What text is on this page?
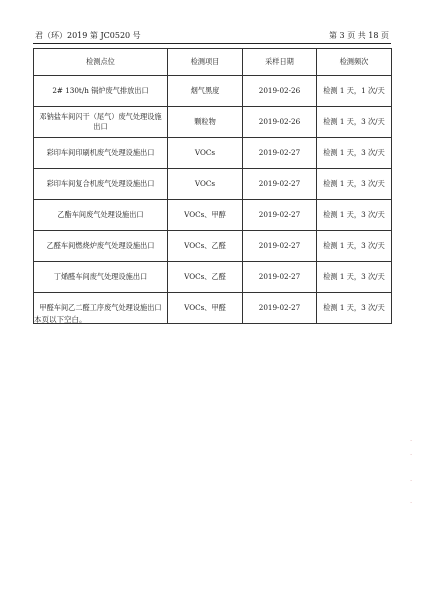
君（环）2019 第 JC0520 号	第 3 页 共 18 页
检测点位	检测项目	采样日期	检测频次
2# 130t/h 锅炉废气排放出口	烟气黑度	2019-02-26	检测 1 天，1 次/天
邓钠盐车间闪干（尾气）废气处理设施出口	颗粒物	2019-02-26	检测 1 天，3 次/天
彩印车间印刷机废气处理设施出口	VOCs	2019-02-27	检测 1 天，3 次/天
彩印车间复合机废气处理设施出口	VOCs	2019-02-27	检测 1 天，3 次/天
乙酯车间废气处理设施出口	VOCs、甲醇	2019-02-27	检测 1 天，3 次/天
乙醛车间燃烧炉废气处理设施出口	VOCs、乙醛	2019-02-27	检测 1 天，3 次/天
丁烯醛车间废气处理设施出口	VOCs、乙醛	2019-02-27	检测 1 天，3 次/天
甲醛车间乙二醛工序废气处理设施出口	VOCs、甲醛	2019-02-27	检测 1 天，3 次/天
本页以下空白。
·
·
·
·
